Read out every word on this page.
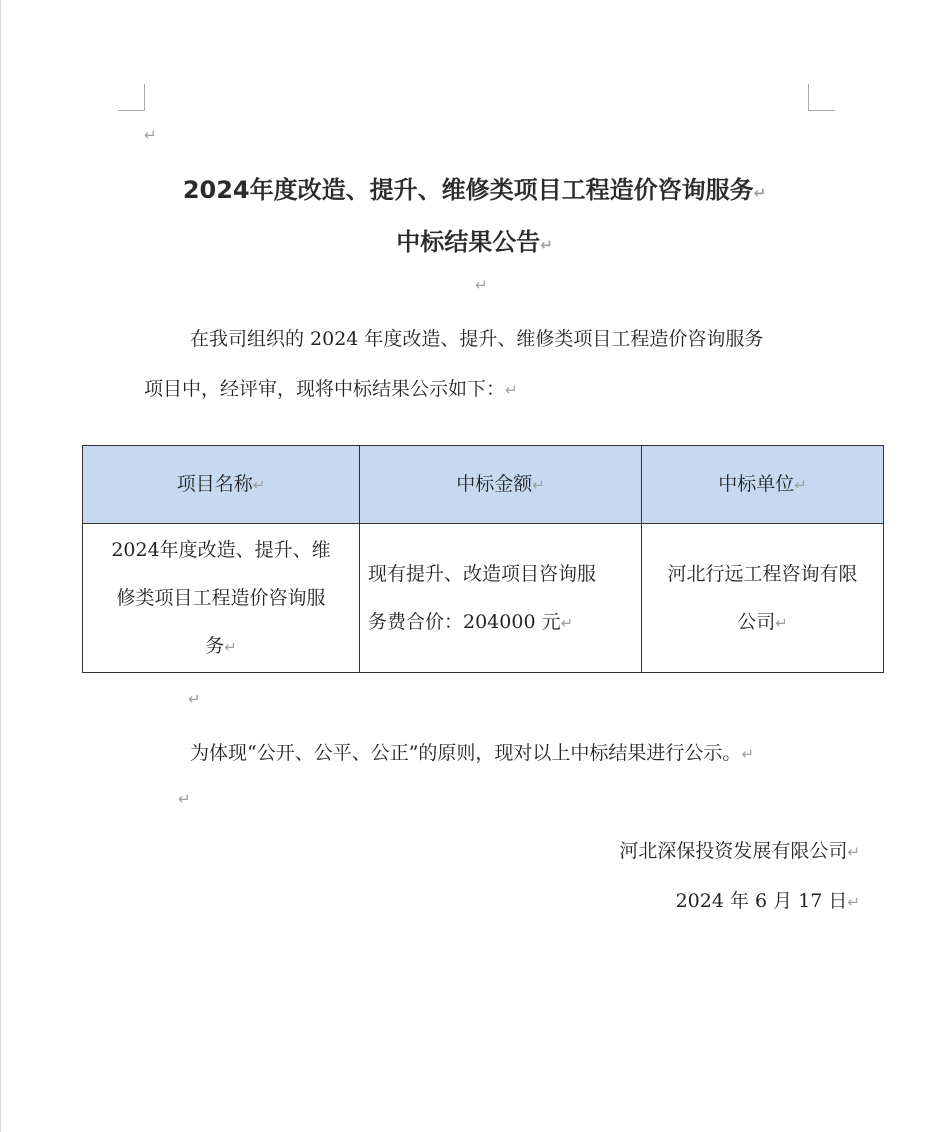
↵
2024年度改造、提升、维修类项目工程造价咨询服务↵
中标结果公告↵
↵
在我司组织的 2024 年度改造、提升、维修类项目工程造价咨询服务
项目中，经评审，现将中标结果公示如下：↵
项目名称↵	中标金额↵	中标单位↵
2024年度改造、提升、维
修类项目工程造价咨询服
务↵	现有提升、改造项目咨询服
务费合价：204000 元↵	河北行远工程咨询有限
公司↵
↵
为体现“公开、公平、公正”的原则，现对以上中标结果进行公示。↵
↵
河北深保投资发展有限公司↵
2024 年 6 月 17 日↵
